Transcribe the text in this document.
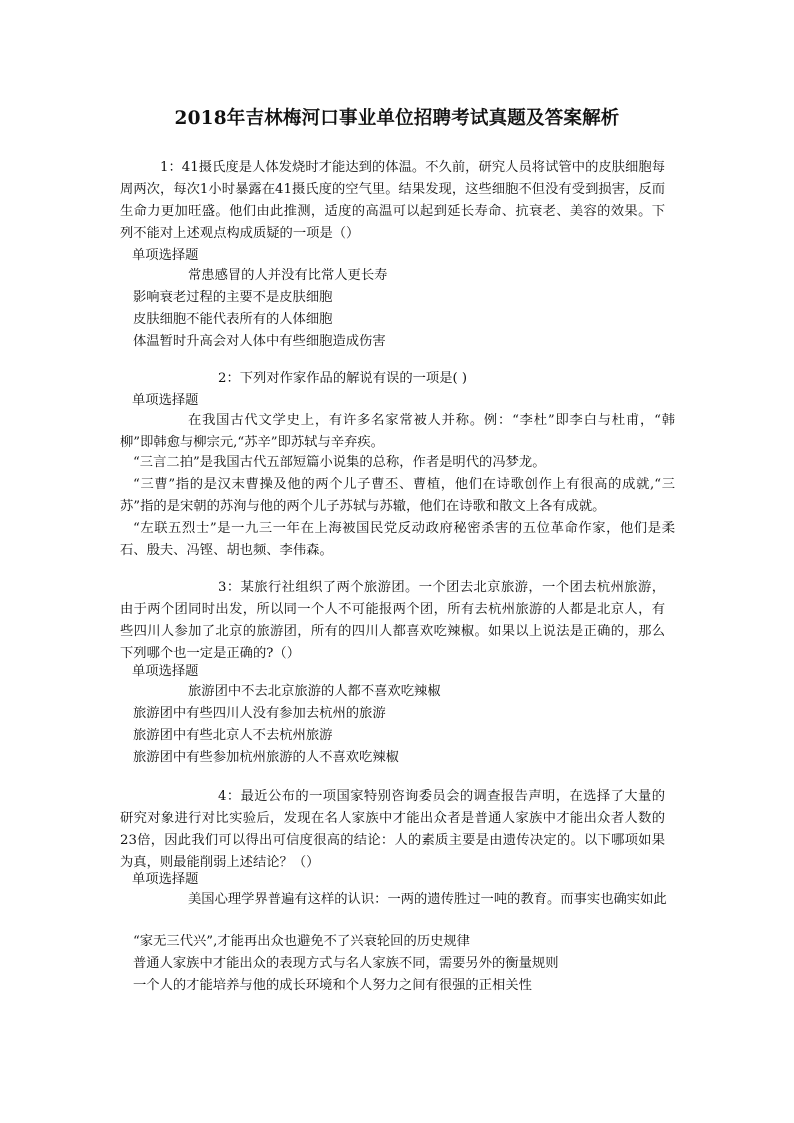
2018年吉林梅河口事业单位招聘考试真题及答案解析

1：41摄氏度是人体发烧时才能达到的体温。不久前，研究人员将试管中的皮肤细胞每周两次，每次1小时暴露在41摄氏度的空气里。结果发现，这些细胞不但没有受到损害，反而生命力更加旺盛。他们由此推测，适度的高温可以起到延长寿命、抗衰老、美容的效果。下列不能对上述观点构成质疑的一项是（）

单项选择题

常患感冒的人并没有比常人更长寿

影响衰老过程的主要不是皮肤细胞

皮肤细胞不能代表所有的人体细胞

体温暂时升高会对人体中有些细胞造成伤害

2：下列对作家作品的解说有误的一项是( )

单项选择题

在我国古代文学史上，有许多名家常被人并称。例：“李杜”即李白与杜甫，“韩柳”即韩愈与柳宗元,“苏辛”即苏轼与辛弃疾。

“三言二拍”是我国古代五部短篇小说集的总称，作者是明代的冯梦龙。

“三曹”指的是汉末曹操及他的两个儿子曹丕、曹植，他们在诗歌创作上有很高的成就,“三苏”指的是宋朝的苏洵与他的两个儿子苏轼与苏辙，他们在诗歌和散文上各有成就。

“左联五烈士”是一九三一年在上海被国民党反动政府秘密杀害的五位革命作家，他们是柔石、殷夫、冯铿、胡也频、李伟森。

3：某旅行社组织了两个旅游团。一个团去北京旅游，一个团去杭州旅游，由于两个团同时出发，所以同一个人不可能报两个团，所有去杭州旅游的人都是北京人，有些四川人参加了北京的旅游团，所有的四川人都喜欢吃辣椒。如果以上说法是正确的，那么下列哪个也一定是正确的?（）

单项选择题

旅游团中不去北京旅游的人都不喜欢吃辣椒

旅游团中有些四川人没有参加去杭州的旅游

旅游团中有些北京人不去杭州旅游

旅游团中有些参加杭州旅游的人不喜欢吃辣椒

4：最近公布的一项国家特别咨询委员会的调查报告声明，在选择了大量的研究对象进行对比实验后，发现在名人家族中才能出众者是普通人家族中才能出众者人数的23倍，因此我们可以得出可信度很高的结论：人的素质主要是由遗传决定的。以下哪项如果为真，则最能削弱上述结论？（）

单项选择题

美国心理学界普遍有这样的认识：一两的遗传胜过一吨的教育。而事实也确实如此

“家无三代兴”,才能再出众也避免不了兴衰轮回的历史规律

普通人家族中才能出众的表现方式与名人家族不同，需要另外的衡量规则

一个人的才能培养与他的成长环境和个人努力之间有很强的正相关性
